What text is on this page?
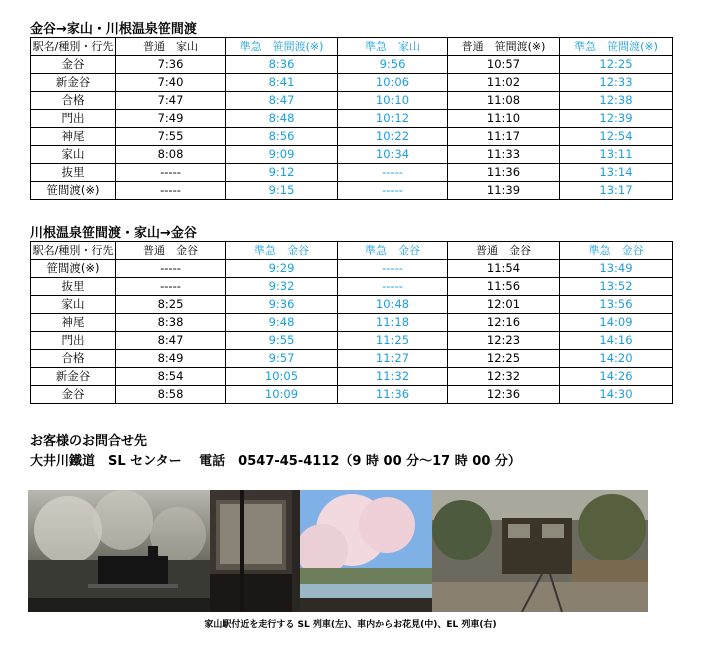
金谷→家山・川根温泉笹間渡
駅名/種別・行先	普通　家山	準急　笹間渡(※)	準急　家山	普通　笹間渡(※)	準急　笹間渡(※)
金谷	7:36	8:36	9:56	10:57	12:25
新金谷	7:40	8:41	10:06	11:02	12:33
合格	7:47	8:47	10:10	11:08	12:38
門出	7:49	8:48	10:12	11:10	12:39
神尾	7:55	8:56	10:22	11:17	12:54
家山	8:08	9:09	10:34	11:33	13:11
抜里	-----	9:12	-----	11:36	13:14
笹間渡(※)	-----	9:15	-----	11:39	13:17
川根温泉笹間渡・家山→金谷
駅名/種別・行先	普通　金谷	準急　金谷	準急　金谷	普通　金谷	準急　金谷
笹間渡(※)	-----	9:29	-----	11:54	13:49
抜里	-----	9:32	-----	11:56	13:52
家山	8:25	9:36	10:48	12:01	13:56
神尾	8:38	9:48	11:18	12:16	14:09
門出	8:47	9:55	11:25	12:23	14:16
合格	8:49	9:57	11:27	12:25	14:20
新金谷	8:54	10:05	11:32	12:32	14:26
金谷	8:58	10:09	11:36	12:36	14:30
お客様のお問合せ先
大井川鐵道　SL センター　 電話　0547-45-4112（9 時 00 分～17 時 00 分）
家山駅付近を走行する SL 列車(左)、車内からお花見(中)、EL 列車(右)
